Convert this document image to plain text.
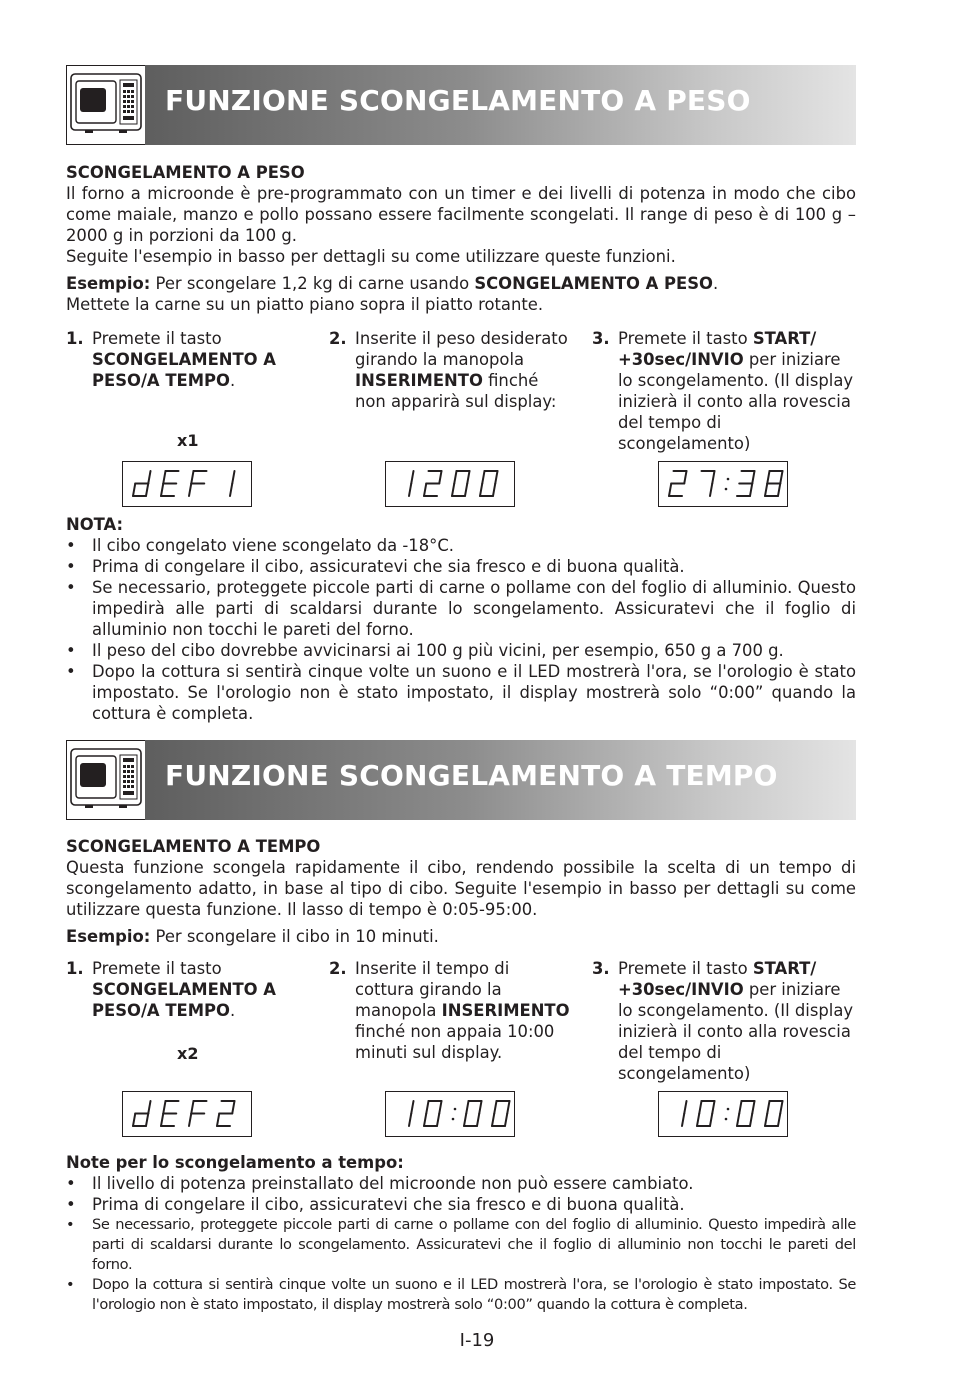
FUNZIONE SCONGELAMENTO A PESO

SCONGELAMENTO A PESO

Il forno a microonde è pre-programmato con un timer e dei livelli di potenza in modo che cibo come maiale, manzo e pollo possano essere facilmente scongelati. Il range di peso è di 100 g – 2000 g in porzioni da 100 g.

Seguite l'esempio in basso per dettagli su come utilizzare queste funzioni.

Esempio: Per scongelare 1,2 kg di carne usando SCONGELAMENTO A PESO.

Mettete la carne su un piatto piano sopra il piatto rotante.

1. Premete il tasto SCONGELAMENTO A PESO/A TEMPO.
2. Inserite il peso desiderato girando la manopola INSERIMENTO finché non apparirà sul display:
3. Premete il tasto START/ +30sec/INVIO per iniziare lo scongelamento. (Il display inizierà il conto alla rovescia del tempo di scongelamento)
x1

NOTA:

• Il cibo congelato viene scongelato da -18°C.
• Prima di congelare il cibo, assicuratevi che sia fresco e di buona qualità.
• Se necessario, proteggete piccole parti di carne o pollame con del foglio di alluminio. Questo impedirà alle parti di scaldarsi durante lo scongelamento. Assicuratevi che il foglio di alluminio non tocchi le pareti del forno.
• Il peso del cibo dovrebbe avvicinarsi ai 100 g più vicini, per esempio, 650 g a 700 g.
• Dopo la cottura si sentirà cinque volte un suono e il LED mostrerà l'ora, se l'orologio è stato impostato. Se l'orologio non è stato impostato, il display mostrerà solo “0:00” quando la cottura è completa.
FUNZIONE SCONGELAMENTO A TEMPO

SCONGELAMENTO A TEMPO

Questa funzione scongela rapidamente il cibo, rendendo possibile la scelta di un tempo di scongelamento adatto, in base al tipo di cibo. Seguite l'esempio in basso per dettagli su come utilizzare questa funzione. Il lasso di tempo è 0:05-95:00.

Esempio: Per scongelare il cibo in 10 minuti.

1. Premete il tasto SCONGELAMENTO A PESO/A TEMPO.
2. Inserite il tempo di cottura girando la manopola INSERIMENTO finché non appaia 10:00 minuti sul display.
3. Premete il tasto START/ +30sec/INVIO per iniziare lo scongelamento. (Il display inizierà il conto alla rovescia del tempo di scongelamento)
x2

Note per lo scongelamento a tempo:

• Il livello di potenza preinstallato del microonde non può essere cambiato.
• Prima di congelare il cibo, assicuratevi che sia fresco e di buona qualità.
• Se necessario, proteggete piccole parti di carne o pollame con del foglio di alluminio. Questo impedirà alle parti di scaldarsi durante lo scongelamento. Assicuratevi che il foglio di alluminio non tocchi le pareti del forno.
• Dopo la cottura si sentirà cinque volte un suono e il LED mostrerà l'ora, se l'orologio è stato impostato. Se l'orologio non è stato impostato, il display mostrerà solo “0:00” quando la cottura è completa.
I-19
